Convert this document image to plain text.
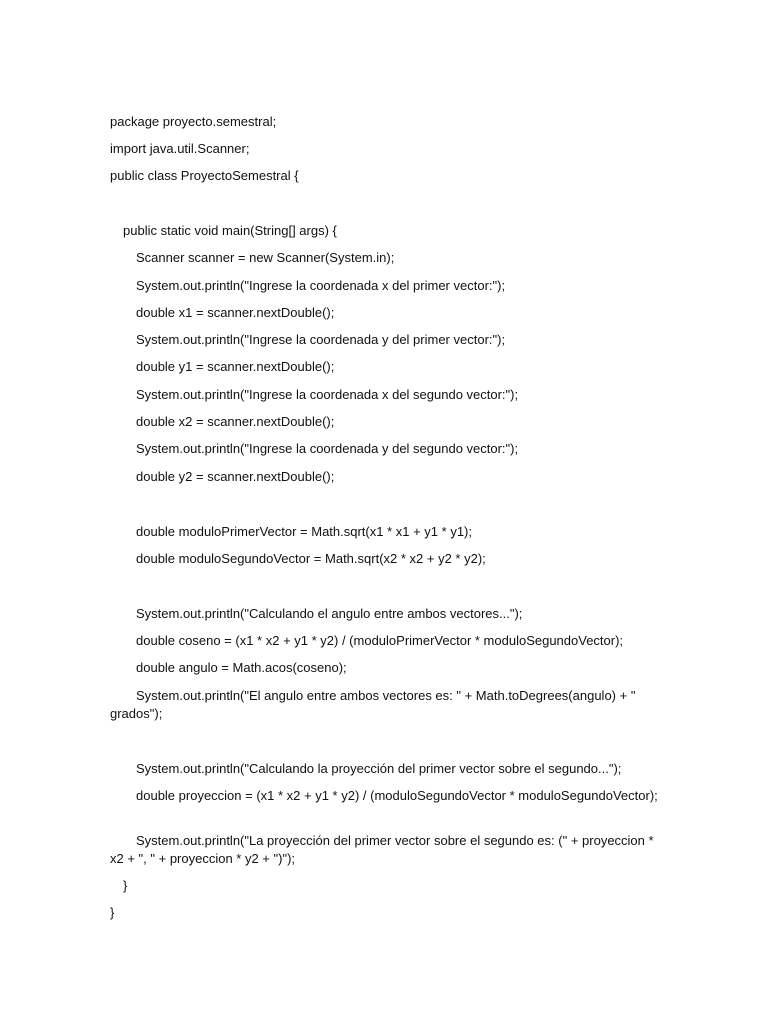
package proyecto.semestral;
import java.util.Scanner;
public class ProyectoSemestral {
public static void main(String[] args) {
Scanner scanner = new Scanner(System.in);
System.out.println("Ingrese la coordenada x del primer vector:");
double x1 = scanner.nextDouble();
System.out.println("Ingrese la coordenada y del primer vector:");
double y1 = scanner.nextDouble();
System.out.println("Ingrese la coordenada x del segundo vector:");
double x2 = scanner.nextDouble();
System.out.println("Ingrese la coordenada y del segundo vector:");
double y2 = scanner.nextDouble();
double moduloPrimerVector = Math.sqrt(x1 * x1 + y1 * y1);
double moduloSegundoVector = Math.sqrt(x2 * x2 + y2 * y2);
System.out.println("Calculando el angulo entre ambos vectores...");
double coseno = (x1 * x2 + y1 * y2) / (moduloPrimerVector * moduloSegundoVector);
double angulo = Math.acos(coseno);
System.out.println("El angulo entre ambos vectores es: " + Math.toDegrees(angulo) + " grados");
System.out.println("Calculando la proyección del primer vector sobre el segundo...");
double proyeccion = (x1 * x2 + y1 * y2) / (moduloSegundoVector * moduloSegundoVector);
System.out.println("La proyección del primer vector sobre el segundo es: (" + proyeccion * x2 + ", " + proyeccion * y2 + ")");
}
}
